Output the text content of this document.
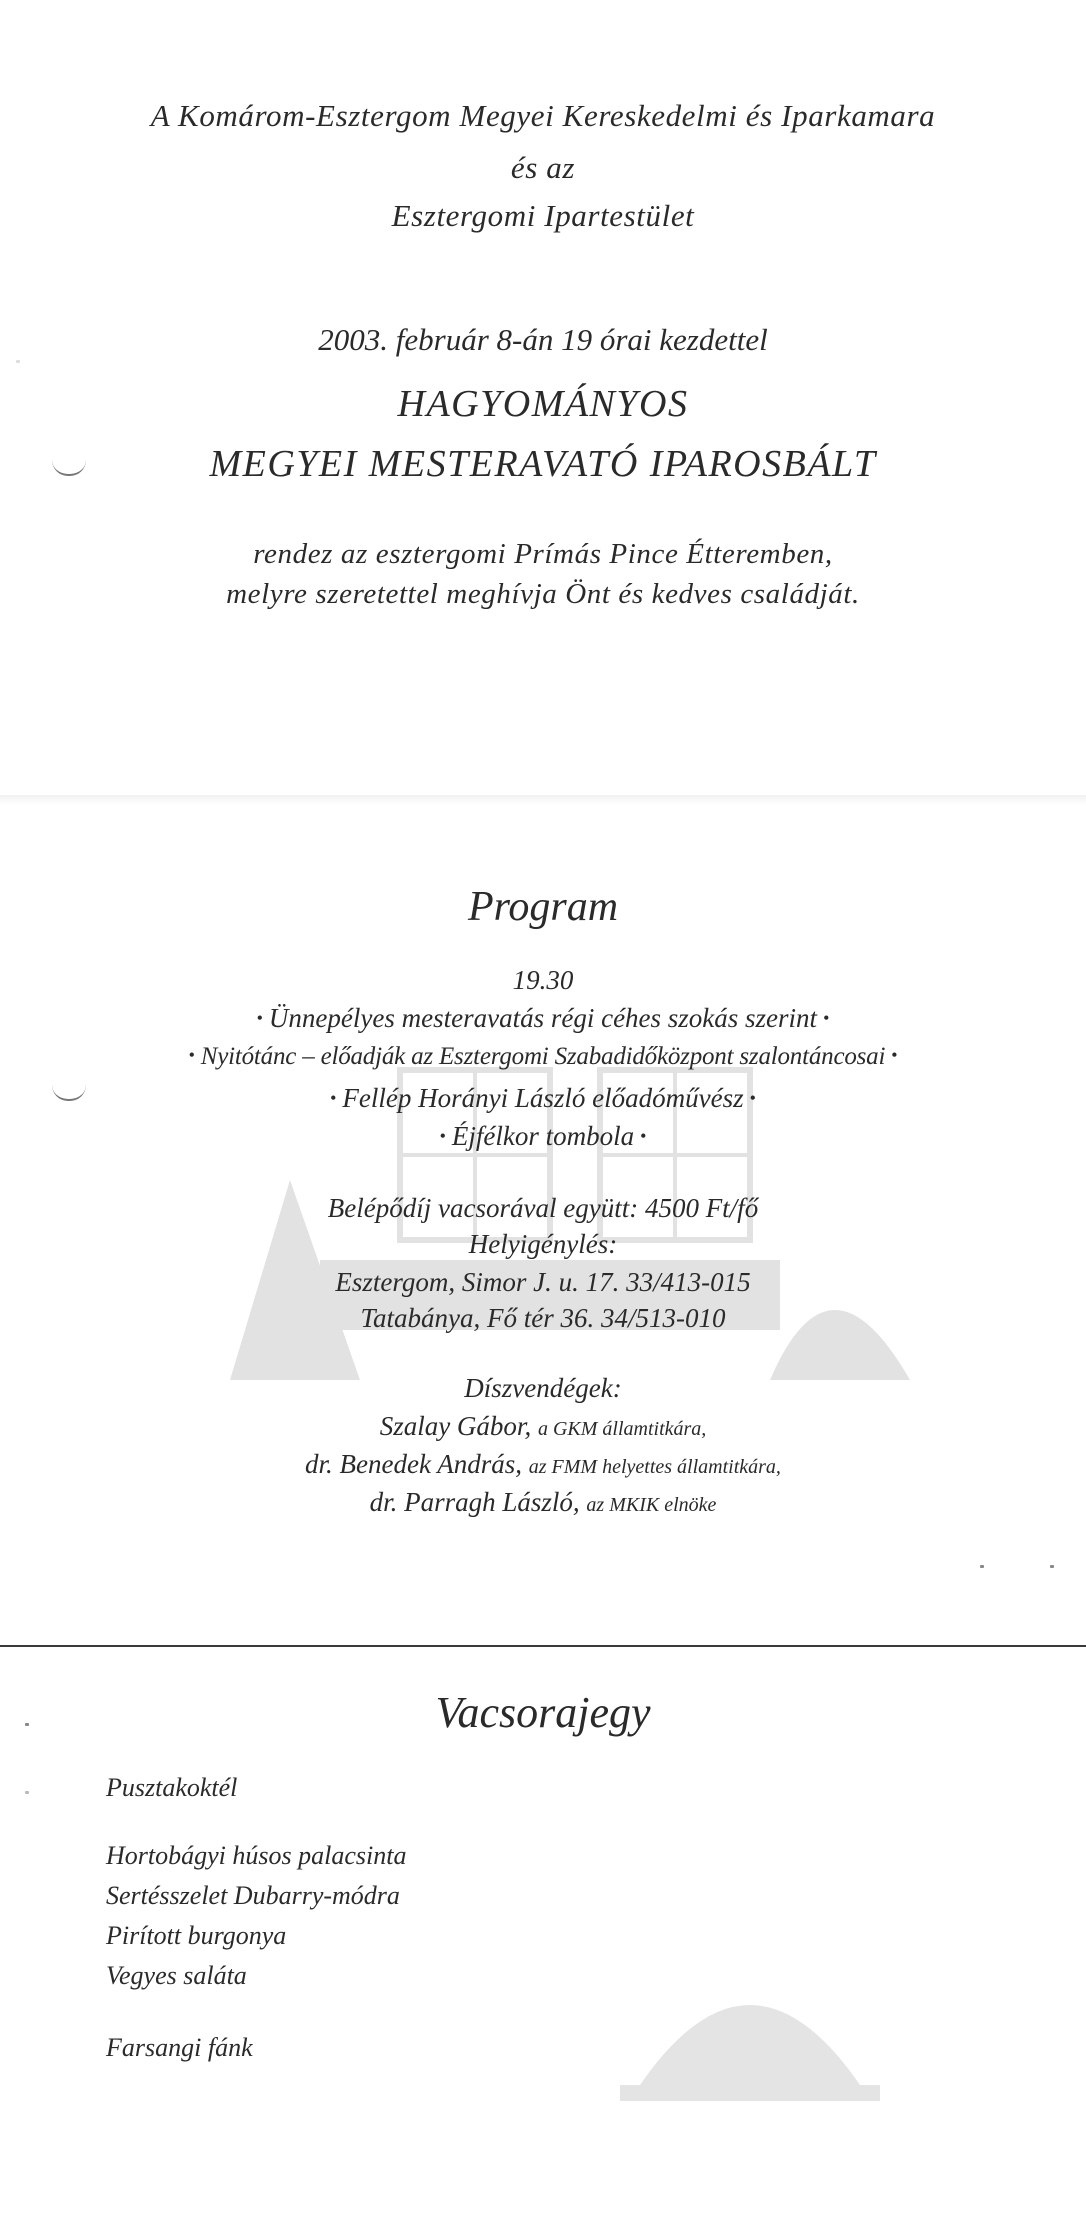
A Komárom-Esztergom Megyei Kereskedelmi és Iparkamara
és az
Esztergomi Ipartestület
2003. február 8-án 19 órai kezdettel
HAGYOMÁNYOS
MEGYEI MESTERAVATÓ IPAROSBÁLT
rendez az esztergomi Prímás Pince Étteremben,
melyre szeretettel meghívja Önt és kedves családját.
Program
19.30
• Ünnepélyes mesteravatás régi céhes szokás szerint •
• Nyitótánc – előadják az Esztergomi Szabadidőközpont szalontáncosai •
• Fellép Horányi László előadóművész •
• Éjfélkor tombola •
Belépődíj vacsorával együtt: 4500 Ft/fő
Helyigénylés:
Esztergom, Simor J. u. 17. 33/413-015
Tatabánya, Fő tér 36. 34/513-010
Díszvendégek:
Szalay Gábor, a GKM államtitkára,
dr. Benedek András, az FMM helyettes államtitkára,
dr. Parragh László, az MKIK elnöke
Vacsorajegy
Pusztakoktél
Hortobágyi húsos palacsinta
Sertésszelet Dubarry-módra
Pirított burgonya
Vegyes saláta
Farsangi fánk
